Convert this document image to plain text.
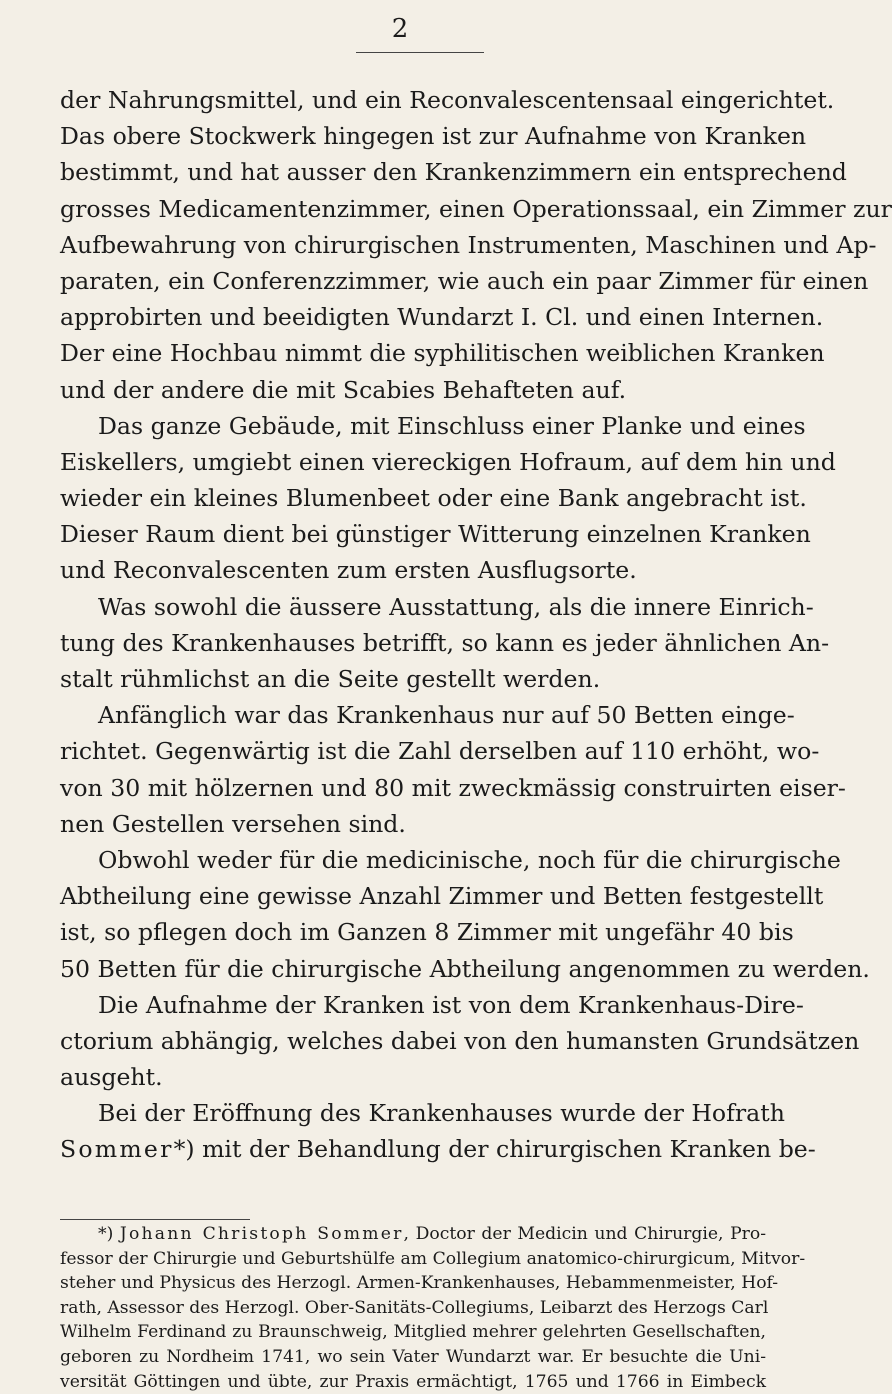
2
der Nahrungsmittel, und ein Reconvalescentensaal eingerichtet.
Das obere Stockwerk hingegen ist zur Aufnahme von Kranken
bestimmt, und hat ausser den Krankenzimmern ein entsprechend
grosses Medicamentenzimmer, einen Operationssaal, ein Zimmer zur
Aufbewahrung von chirurgischen Instrumenten, Maschinen und Ap-
paraten, ein Conferenzzimmer, wie auch ein paar Zimmer für einen
approbirten und beeidigten Wundarzt I. Cl. und einen Internen.
Der eine Hochbau nimmt die syphilitischen weiblichen Kranken
und der andere die mit Scabies Behafteten auf.
Das ganze Gebäude, mit Einschluss einer Planke und eines
Eiskellers, umgiebt einen viereckigen Hofraum, auf dem hin und
wieder ein kleines Blumenbeet oder eine Bank angebracht ist.
Dieser Raum dient bei günstiger Witterung einzelnen Kranken
und Reconvalescenten zum ersten Ausflugsorte.
Was sowohl die äussere Ausstattung, als die innere Einrich-
tung des Krankenhauses betrifft, so kann es jeder ähnlichen An-
stalt rühmlichst an die Seite gestellt werden.
Anfänglich war das Krankenhaus nur auf 50 Betten einge-
richtet. Gegenwärtig ist die Zahl derselben auf 110 erhöht, wo-
von 30 mit hölzernen und 80 mit zweckmässig construirten eiser-
nen Gestellen versehen sind.
Obwohl weder für die medicinische, noch für die chirurgische
Abtheilung eine gewisse Anzahl Zimmer und Betten festgestellt
ist, so pflegen doch im Ganzen 8 Zimmer mit ungefähr 40 bis
50 Betten für die chirurgische Abtheilung angenommen zu werden.
Die Aufnahme der Kranken ist von dem Krankenhaus-Dire-
ctorium abhängig, welches dabei von den humansten Grundsätzen
ausgeht.
Bei der Eröffnung des Krankenhauses wurde der Hofrath
Sommer*) mit der Behandlung der chirurgischen Kranken be-
*) Johann Christoph Sommer, Doctor der Medicin und Chirurgie, Pro-
fessor der Chirurgie und Geburtshülfe am Collegium anatomico-chirurgicum, Mitvor-
steher und Physicus des Herzogl. Armen-Krankenhauses, Hebammenmeister, Hof-
rath, Assessor des Herzogl. Ober-Sanitäts-Collegiums, Leibarzt des Herzogs Carl
Wilhelm Ferdinand zu Braunschweig, Mitglied mehrer gelehrten Gesellschaften,
geboren zu Nordheim 1741, wo sein Vater Wundarzt war. Er besuchte die Uni-
versität Göttingen und übte, zur Praxis ermächtigt, 1765 und 1766 in Eimbeck
